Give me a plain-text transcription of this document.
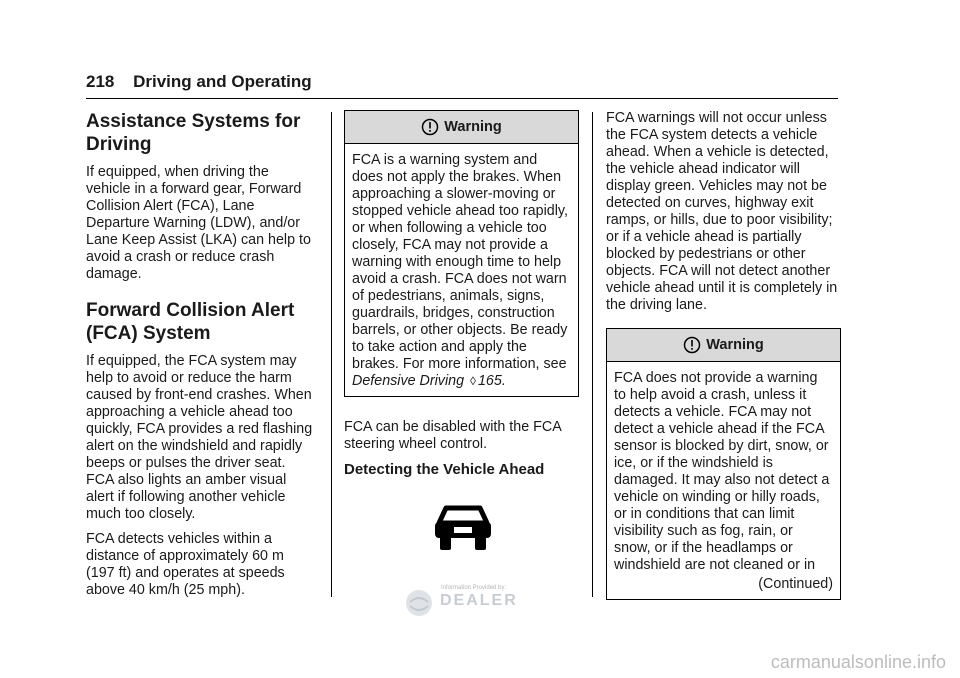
218 Driving and Operating
Assistance Systems for Driving

If equipped, when driving the vehicle in a forward gear, Forward Collision Alert (FCA), Lane Departure Warning (LDW), and/or Lane Keep Assist (LKA) can help to avoid a crash or reduce crash damage.

Forward Collision Alert (FCA) System

If equipped, the FCA system may help to avoid or reduce the harm caused by front-end crashes. When approaching a vehicle ahead too quickly, FCA provides a red flashing alert on the windshield and rapidly beeps or pulses the driver seat. FCA also lights an amber visual alert if following another vehicle much too closely.

FCA detects vehicles within a distance of approximately 60 m (197 ft) and operates at speeds above 40 km/h (25 mph).

Warning
FCA is a warning system and does not apply the brakes. When approaching a slower-moving or stopped vehicle ahead too rapidly, or when following a vehicle too closely, FCA may not provide a warning with enough time to help avoid a crash. FCA does not warn of pedestrians, animals, signs, guardrails, bridges, construction barrels, or other objects. Be ready to take action and apply the brakes. For more information, see Defensive Driving ◊ 165.

FCA can be disabled with the FCA steering wheel control.

Detecting the Vehicle Ahead

FCA warnings will not occur unless the FCA system detects a vehicle ahead. When a vehicle is detected, the vehicle ahead indicator will display green. Vehicles may not be detected on curves, highway exit ramps, or hills, due to poor visibility; or if a vehicle ahead is partially blocked by pedestrians or other objects. FCA will not detect another vehicle ahead until it is completely in the driving lane.

Warning
FCA does not provide a warning to help avoid a crash, unless it detects a vehicle. FCA may not detect a vehicle ahead if the FCA sensor is blocked by dirt, snow, or ice, or if the windshield is damaged. It may also not detect a vehicle on winding or hilly roads, or in conditions that can limit visibility such as fog, rain, or snow, or if the headlamps or windshield are not cleaned or in
(Continued)
Information Provided by:
DEALER
carmanualsonline.info
